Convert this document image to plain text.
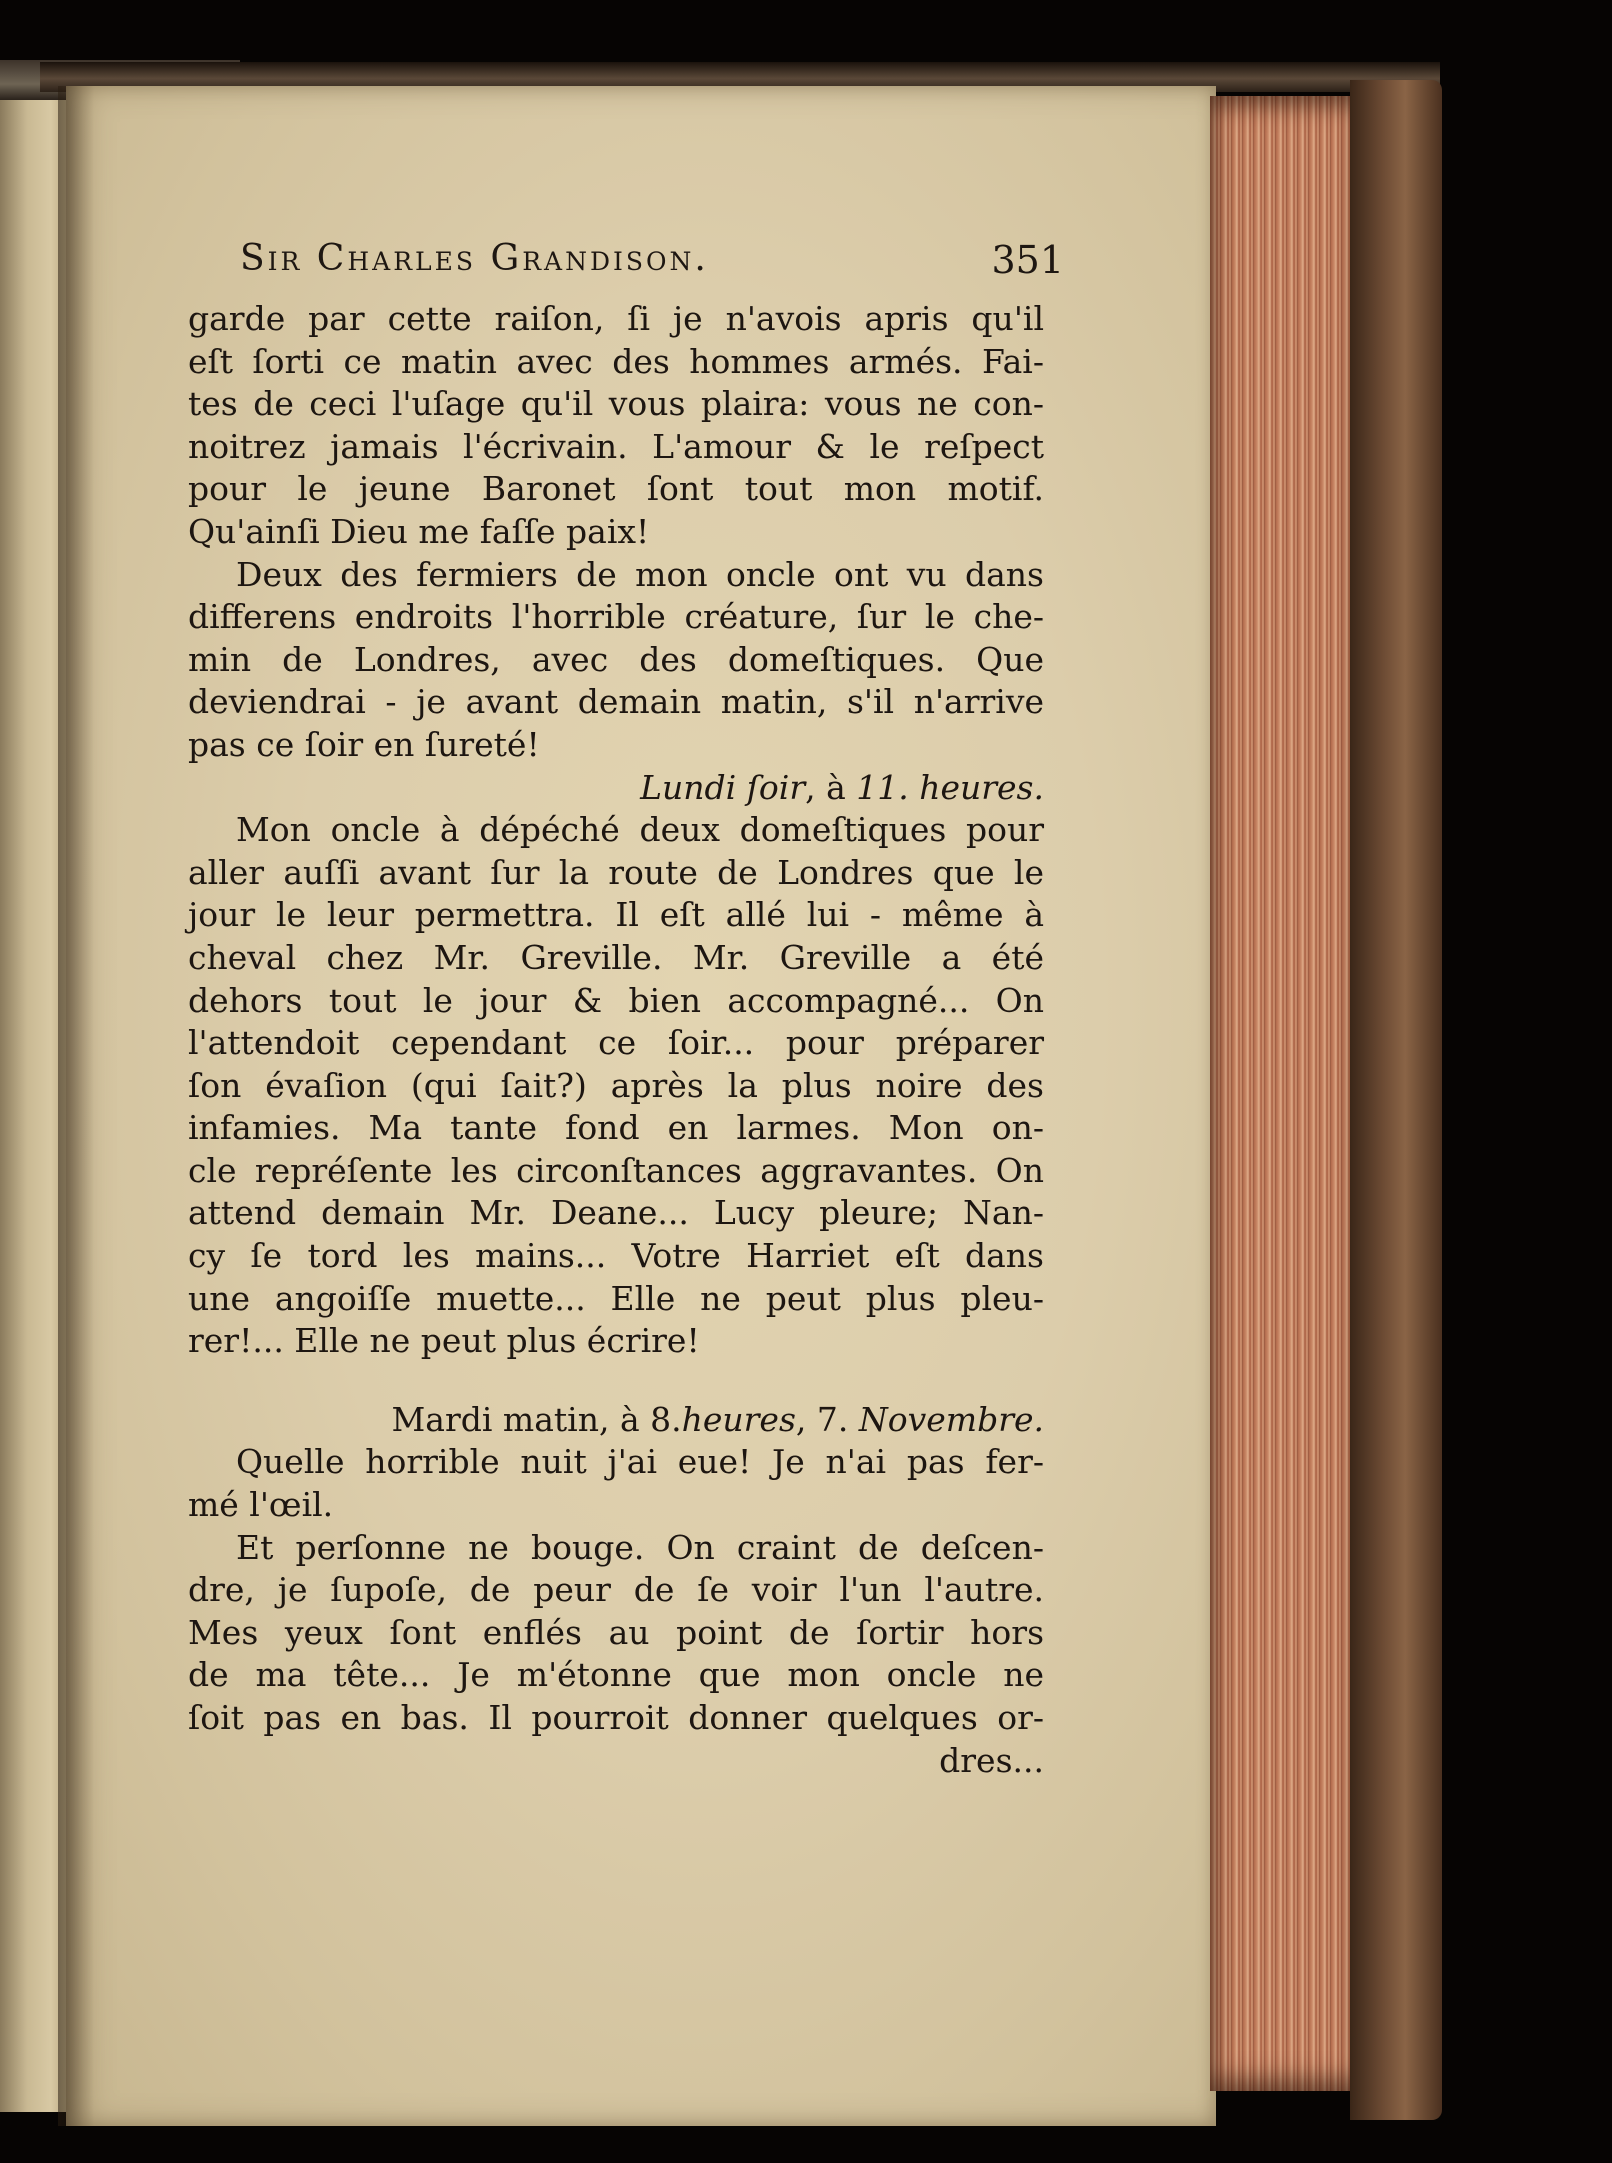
Sir Charles Grandison.	351
garde par cette raiſon, ſi je n'avois apris qu'il
eſt ſorti ce matin avec des hommes armés. Fai-
tes de ceci l'uſage qu'il vous plaira: vous ne con-
noitrez jamais l'écrivain. L'amour & le reſpect
pour le jeune Baronet ſont tout mon motif.
Qu'ainſi Dieu me faſſe paix!
Deux des fermiers de mon oncle ont vu dans
differens endroits l'horrible créature, ſur le che-
min de Londres, avec des domeſtiques. Que
deviendrai - je avant demain matin, s'il n'arrive
pas ce ſoir en ſureté!
Lundi ſoir, à 11. heures.
Mon oncle à dépéché deux domeſtiques pour
aller auſſi avant ſur la route de Londres que le
jour le leur permettra. Il eſt allé lui - même à
cheval chez Mr. Greville. Mr. Greville a été
dehors tout le jour & bien accompagné... On
l'attendoit cependant ce ſoir... pour préparer
ſon évaſion (qui ſait?) après la plus noire des
infamies. Ma tante fond en larmes. Mon on-
cle repréſente les circonſtances aggravantes. On
attend demain Mr. Deane... Lucy pleure; Nan-
cy ſe tord les mains... Votre Harriet eſt dans
une angoiſſe muette... Elle ne peut plus pleu-
rer!... Elle ne peut plus écrire!
Mardi matin, à 8.heures, 7. Novembre.
Quelle horrible nuit j'ai eue! Je n'ai pas fer-
mé l'œil.
Et perſonne ne bouge. On craint de deſcen-
dre, je ſupoſe, de peur de ſe voir l'un l'autre.
Mes yeux ſont enflés au point de ſortir hors
de ma tête... Je m'étonne que mon oncle ne
ſoit pas en bas. Il pourroit donner quelques or-
dres...
